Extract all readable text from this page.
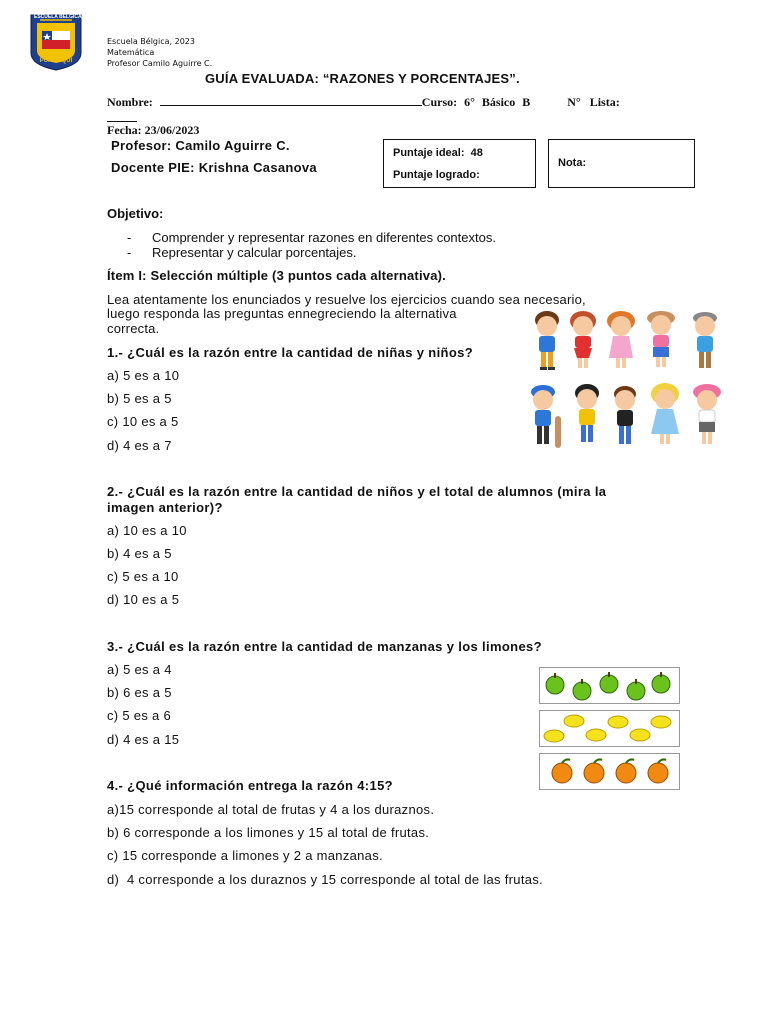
ESCUELA BÉLGICA
PUNITAQUI
Escuela Bélgica, 2023
Matemática
Profesor Camilo Aguirre C.
GUÍA EVALUADA: “RAZONES Y PORCENTAJES”.
Nombre:	Curso: 6° Básico B	N° Lista:
Fecha: 23/06/2023
Profesor: Camilo Aguirre C.
Docente PIE: Krishna Casanova
Puntaje ideal:  48
Puntaje logrado:
Nota:
Objetivo:
- Comprender y representar razones en diferentes contextos.
- Representar y calcular porcentajes.
Ítem I: Selección múltiple (3 puntos cada alternativa).
Lea atentamente los enunciados y resuelve los ejercicios cuando sea necesario,
luego responda las preguntas ennegreciendo la alternativa
correcta.
1.- ¿Cuál es la razón entre la cantidad de niñas y niños?
a) 5 es a 10
b) 5 es a 5
c) 10 es a 5
d) 4 es a 7
2.- ¿Cuál es la razón entre la cantidad de niños y el total de alumnos (mira la
imagen anterior)?
a) 10 es a 10
b) 4 es a 5
c) 5 es a 10
d) 10 es a 5
3.- ¿Cuál es la razón entre la cantidad de manzanas y los limones?
a) 5 es a 4
b) 6 es a 5
c) 5 es a 6
d) 4 es a 15
4.- ¿Qué información entrega la razón 4:15?
a)15 corresponde al total de frutas y 4 a los duraznos.
b) 6 corresponde a los limones y 15 al total de frutas.
c) 15 corresponde a limones y 2 a manzanas.
d)  4 corresponde a los duraznos y 15 corresponde al total de las frutas.
